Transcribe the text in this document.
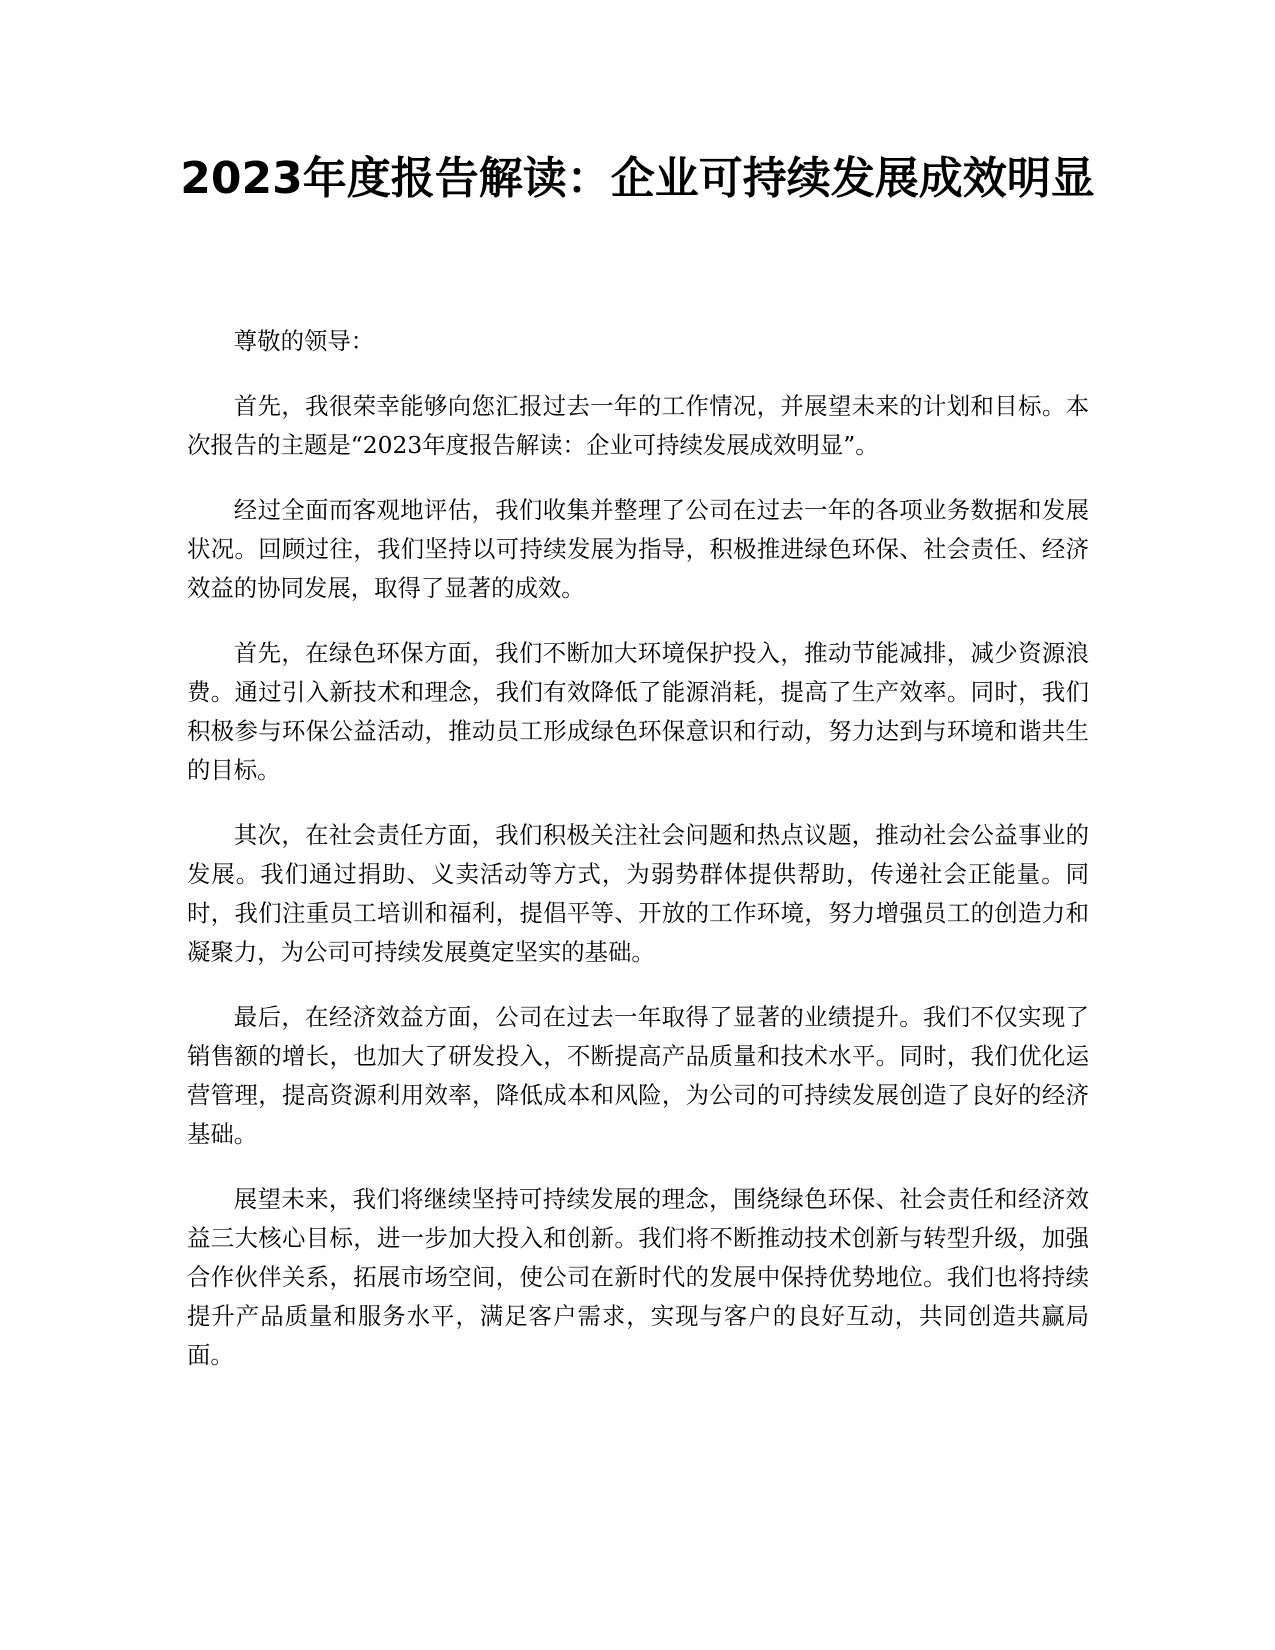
2023年度报告解读：企业可持续发展成效明显

尊敬的领导：

首先，我很荣幸能够向您汇报过去一年的工作情况，并展望未来的计划和目标。本次报告的主题是“2023年度报告解读：企业可持续发展成效明显”。

经过全面而客观地评估，我们收集并整理了公司在过去一年的各项业务数据和发展状况。回顾过往，我们坚持以可持续发展为指导，积极推进绿色环保、社会责任、经济效益的协同发展，取得了显著的成效。

首先，在绿色环保方面，我们不断加大环境保护投入，推动节能减排，减少资源浪费。通过引入新技术和理念，我们有效降低了能源消耗，提高了生产效率。同时，我们积极参与环保公益活动，推动员工形成绿色环保意识和行动，努力达到与环境和谐共生的目标。

其次，在社会责任方面，我们积极关注社会问题和热点议题，推动社会公益事业的发展。我们通过捐助、义卖活动等方式，为弱势群体提供帮助，传递社会正能量。同时，我们注重员工培训和福利，提倡平等、开放的工作环境，努力增强员工的创造力和凝聚力，为公司可持续发展奠定坚实的基础。

最后，在经济效益方面，公司在过去一年取得了显著的业绩提升。我们不仅实现了销售额的增长，也加大了研发投入，不断提高产品质量和技术水平。同时，我们优化运营管理，提高资源利用效率，降低成本和风险，为公司的可持续发展创造了良好的经济基础。

展望未来，我们将继续坚持可持续发展的理念，围绕绿色环保、社会责任和经济效益三大核心目标，进一步加大投入和创新。我们将不断推动技术创新与转型升级，加强合作伙伴关系，拓展市场空间，使公司在新时代的发展中保持优势地位。我们也将持续提升产品质量和服务水平，满足客户需求，实现与客户的良好互动，共同创造共赢局面。
